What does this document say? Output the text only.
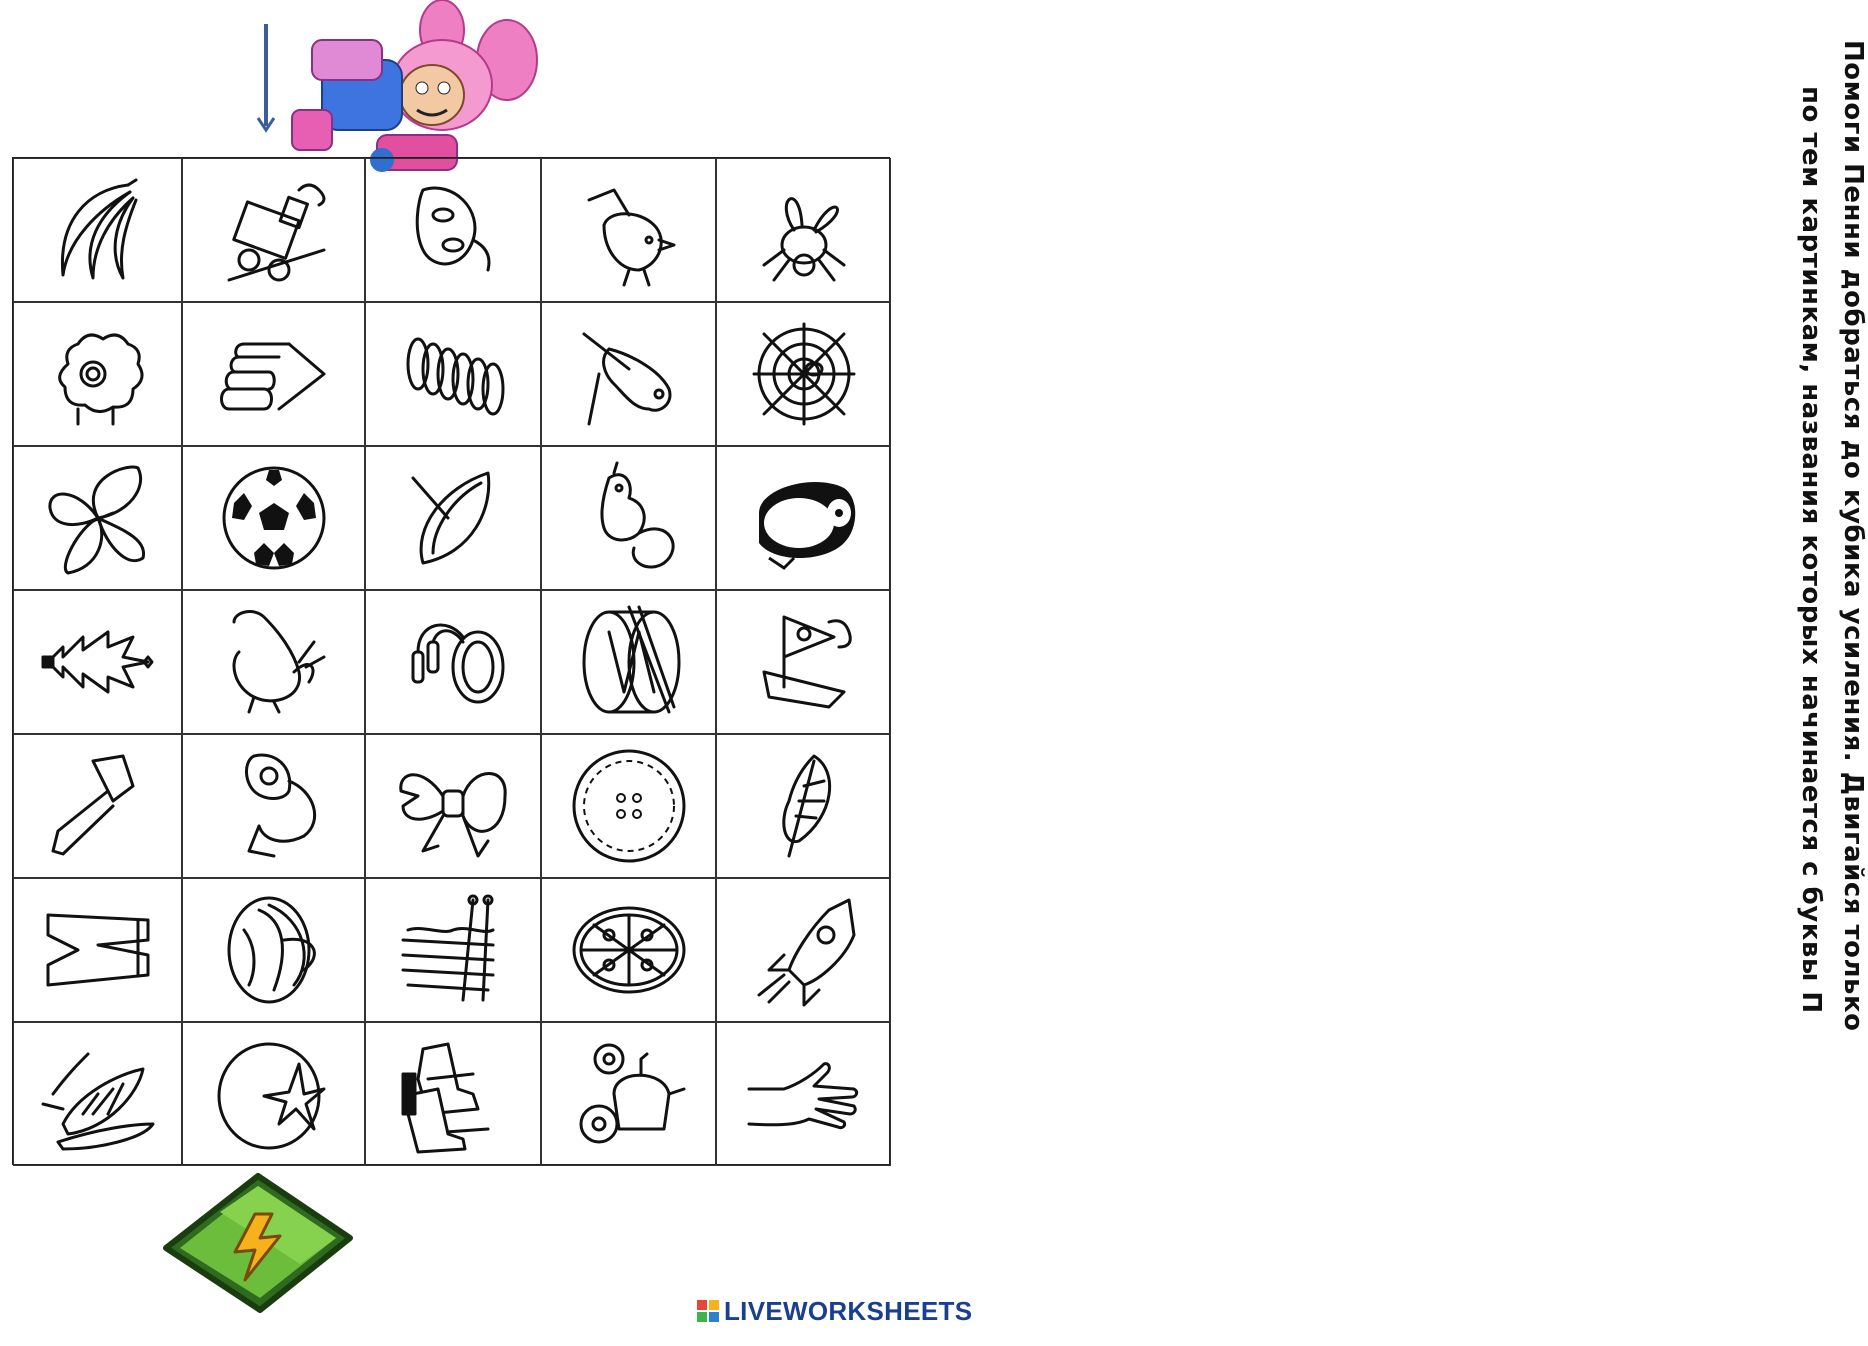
Помоги Пенни добраться до кубика усиления. Двигайся только
по тем картинкам, названия которых начинается с буквы П
LIVEWORKSHEETS
